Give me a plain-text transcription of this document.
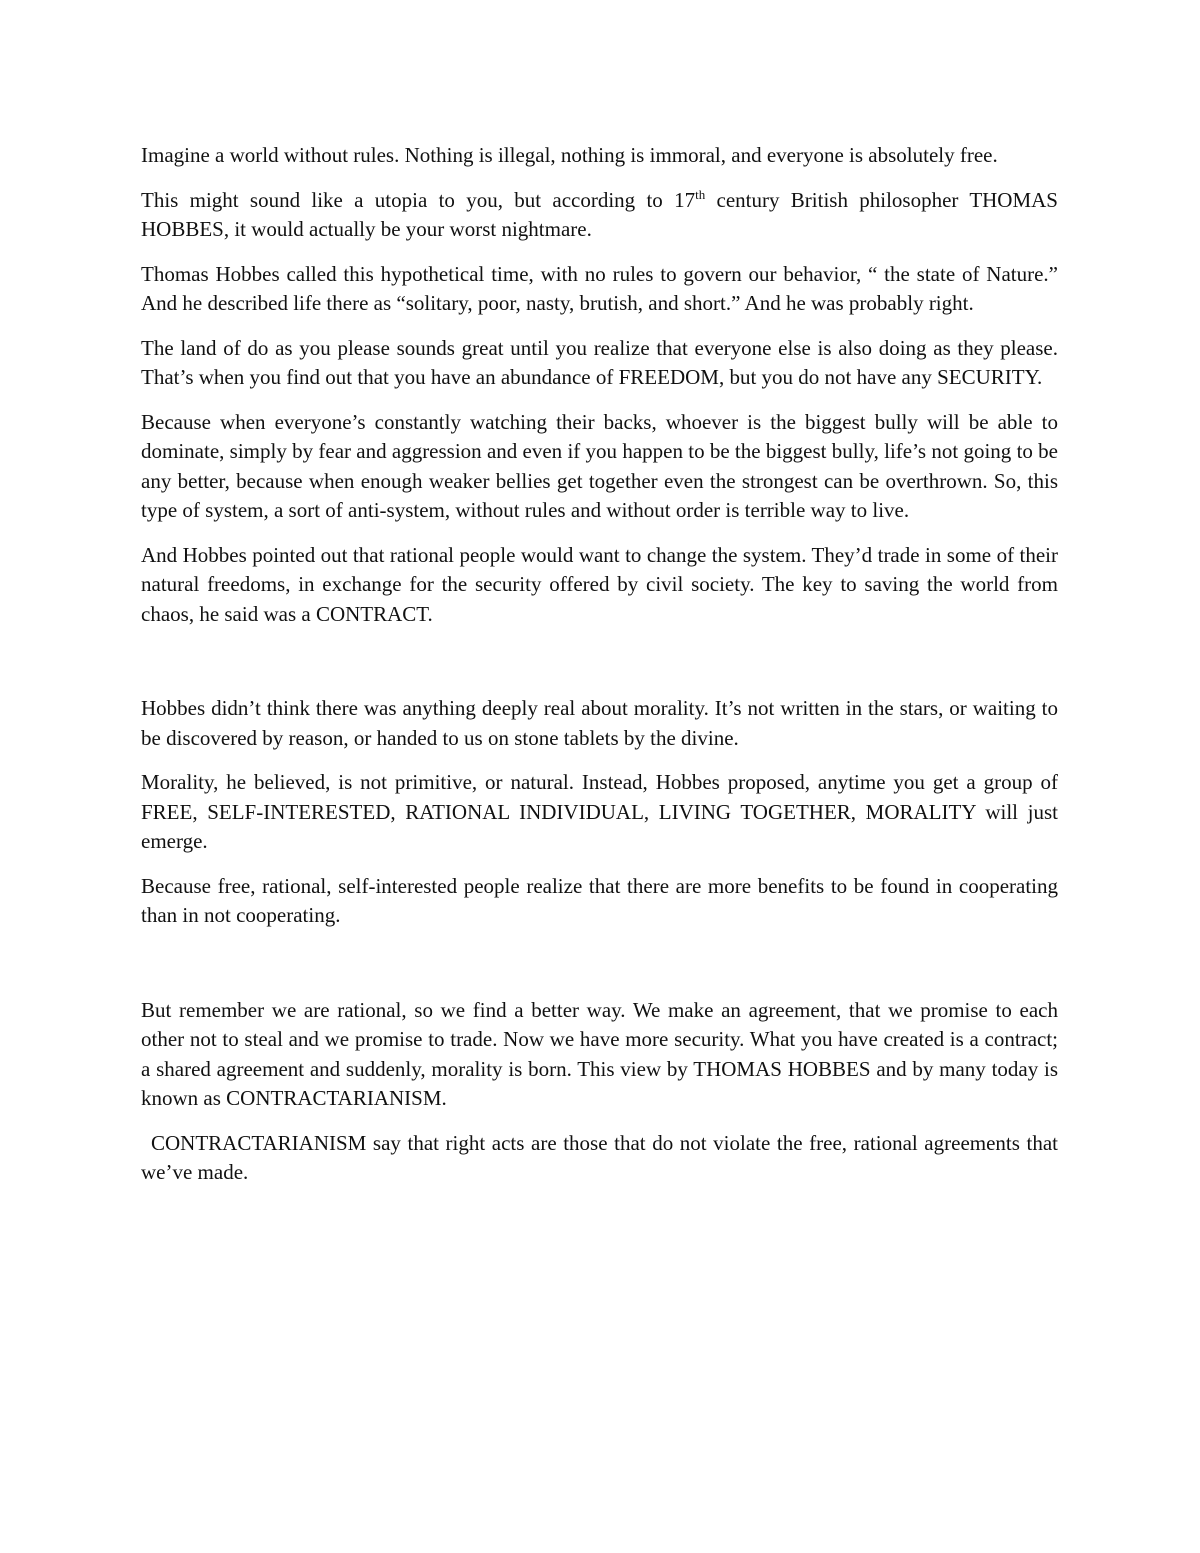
Imagine a world without rules. Nothing is illegal, nothing is immoral, and everyone is absolutely free.

This might sound like a utopia to you, but according to 17th century British philosopher THOMAS HOBBES, it would actually be your worst nightmare.

Thomas Hobbes called this hypothetical time, with no rules to govern our behavior, “ the state of Nature.” And he described life there as “solitary, poor, nasty, brutish, and short.” And he was probably right.

The land of do as you please sounds great until you realize that everyone else is also doing as they please. That’s when you find out that you have an abundance of FREEDOM, but you do not have any SECURITY.

Because when everyone’s constantly watching their backs, whoever is the biggest bully will be able to dominate, simply by fear and aggression and even if you happen to be the biggest bully, life’s not going to be any better, because when enough weaker bellies get together even the strongest can be overthrown. So, this type of system, a sort of anti-system, without rules and without order is terrible way to live.

And Hobbes pointed out that rational people would want to change the system. They’d trade in some of their natural freedoms, in exchange for the security offered by civil society. The key to saving the world from chaos, he said was a CONTRACT.

Hobbes didn’t think there was anything deeply real about morality. It’s not written in the stars, or waiting to be discovered by reason, or handed to us on stone tablets by the divine.

Morality, he believed, is not primitive, or natural. Instead, Hobbes proposed, anytime you get a group of FREE, SELF-INTERESTED, RATIONAL INDIVIDUAL, LIVING TOGETHER, MORALITY will just emerge.

Because free, rational, self-interested people realize that there are more benefits to be found in cooperating than in not cooperating.

But remember we are rational, so we find a better way. We make an agreement, that we promise to each other not to steal and we promise to trade. Now we have more security. What you have created is a contract; a shared agreement and suddenly, morality is born. This view by THOMAS HOBBES and by many today is known as CONTRACTARIANISM.

CONTRACTARIANISM say that right acts are those that do not violate the free, rational agreements that we’ve made.
